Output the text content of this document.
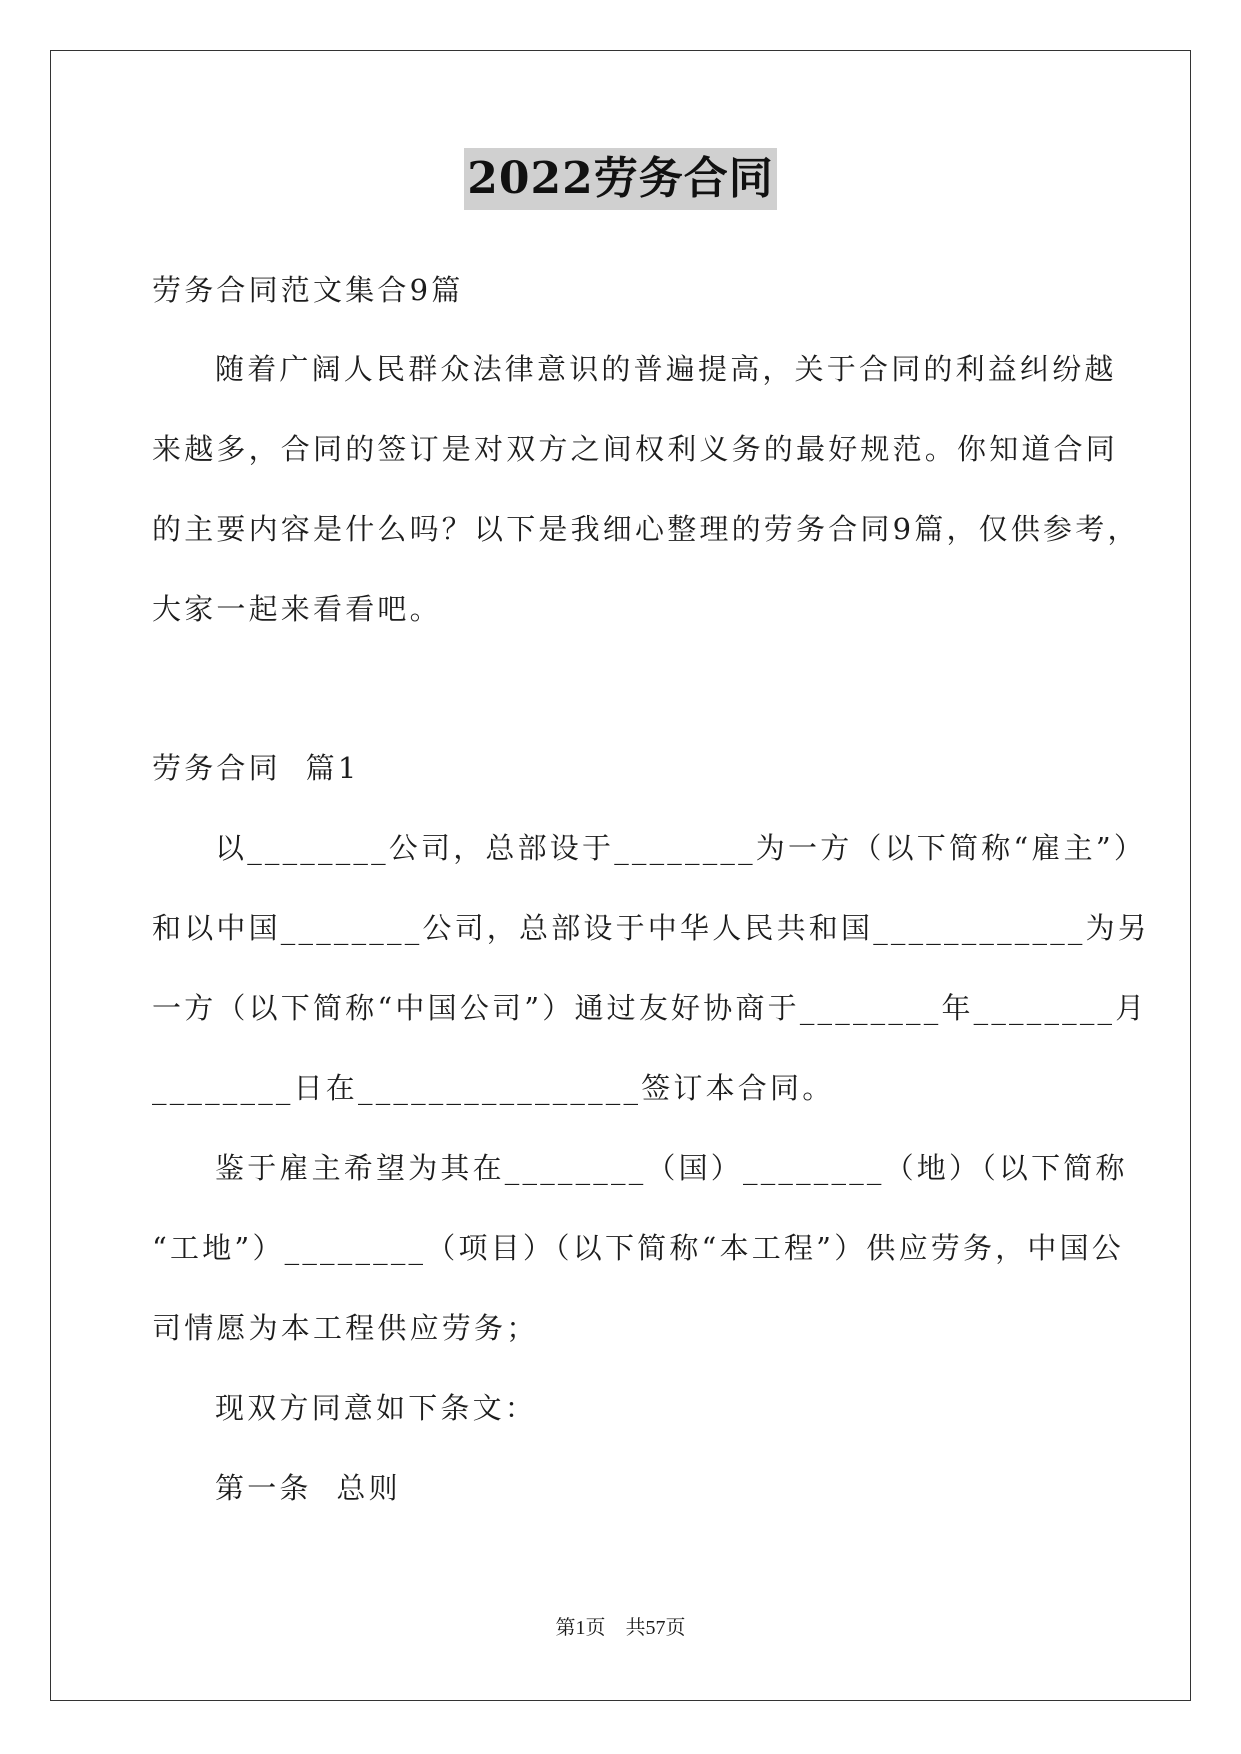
2022劳务合同
劳务合同范文集合9篇
随着广阔人民群众法律意识的普遍提高，关于合同的利益纠纷越
来越多，合同的签订是对双方之间权利义务的最好规范。你知道合同
的主要内容是什么吗？以下是我细心整理的劳务合同9篇，仅供参考，
大家一起来看看吧。
劳务合同  篇1
以________公司，总部设于________为一方（以下简称“雇主”）
和以中国________公司，总部设于中华人民共和国____________为另
一方（以下简称“中国公司”）通过友好协商于________年________月
________日在________________签订本合同。
鉴于雇主希望为其在________（国）________（地）（以下简称
“工地”）________（项目）（以下简称“本工程”）供应劳务，中国公
司情愿为本工程供应劳务；
现双方同意如下条文：
第一条  总则
第1页 共57页
